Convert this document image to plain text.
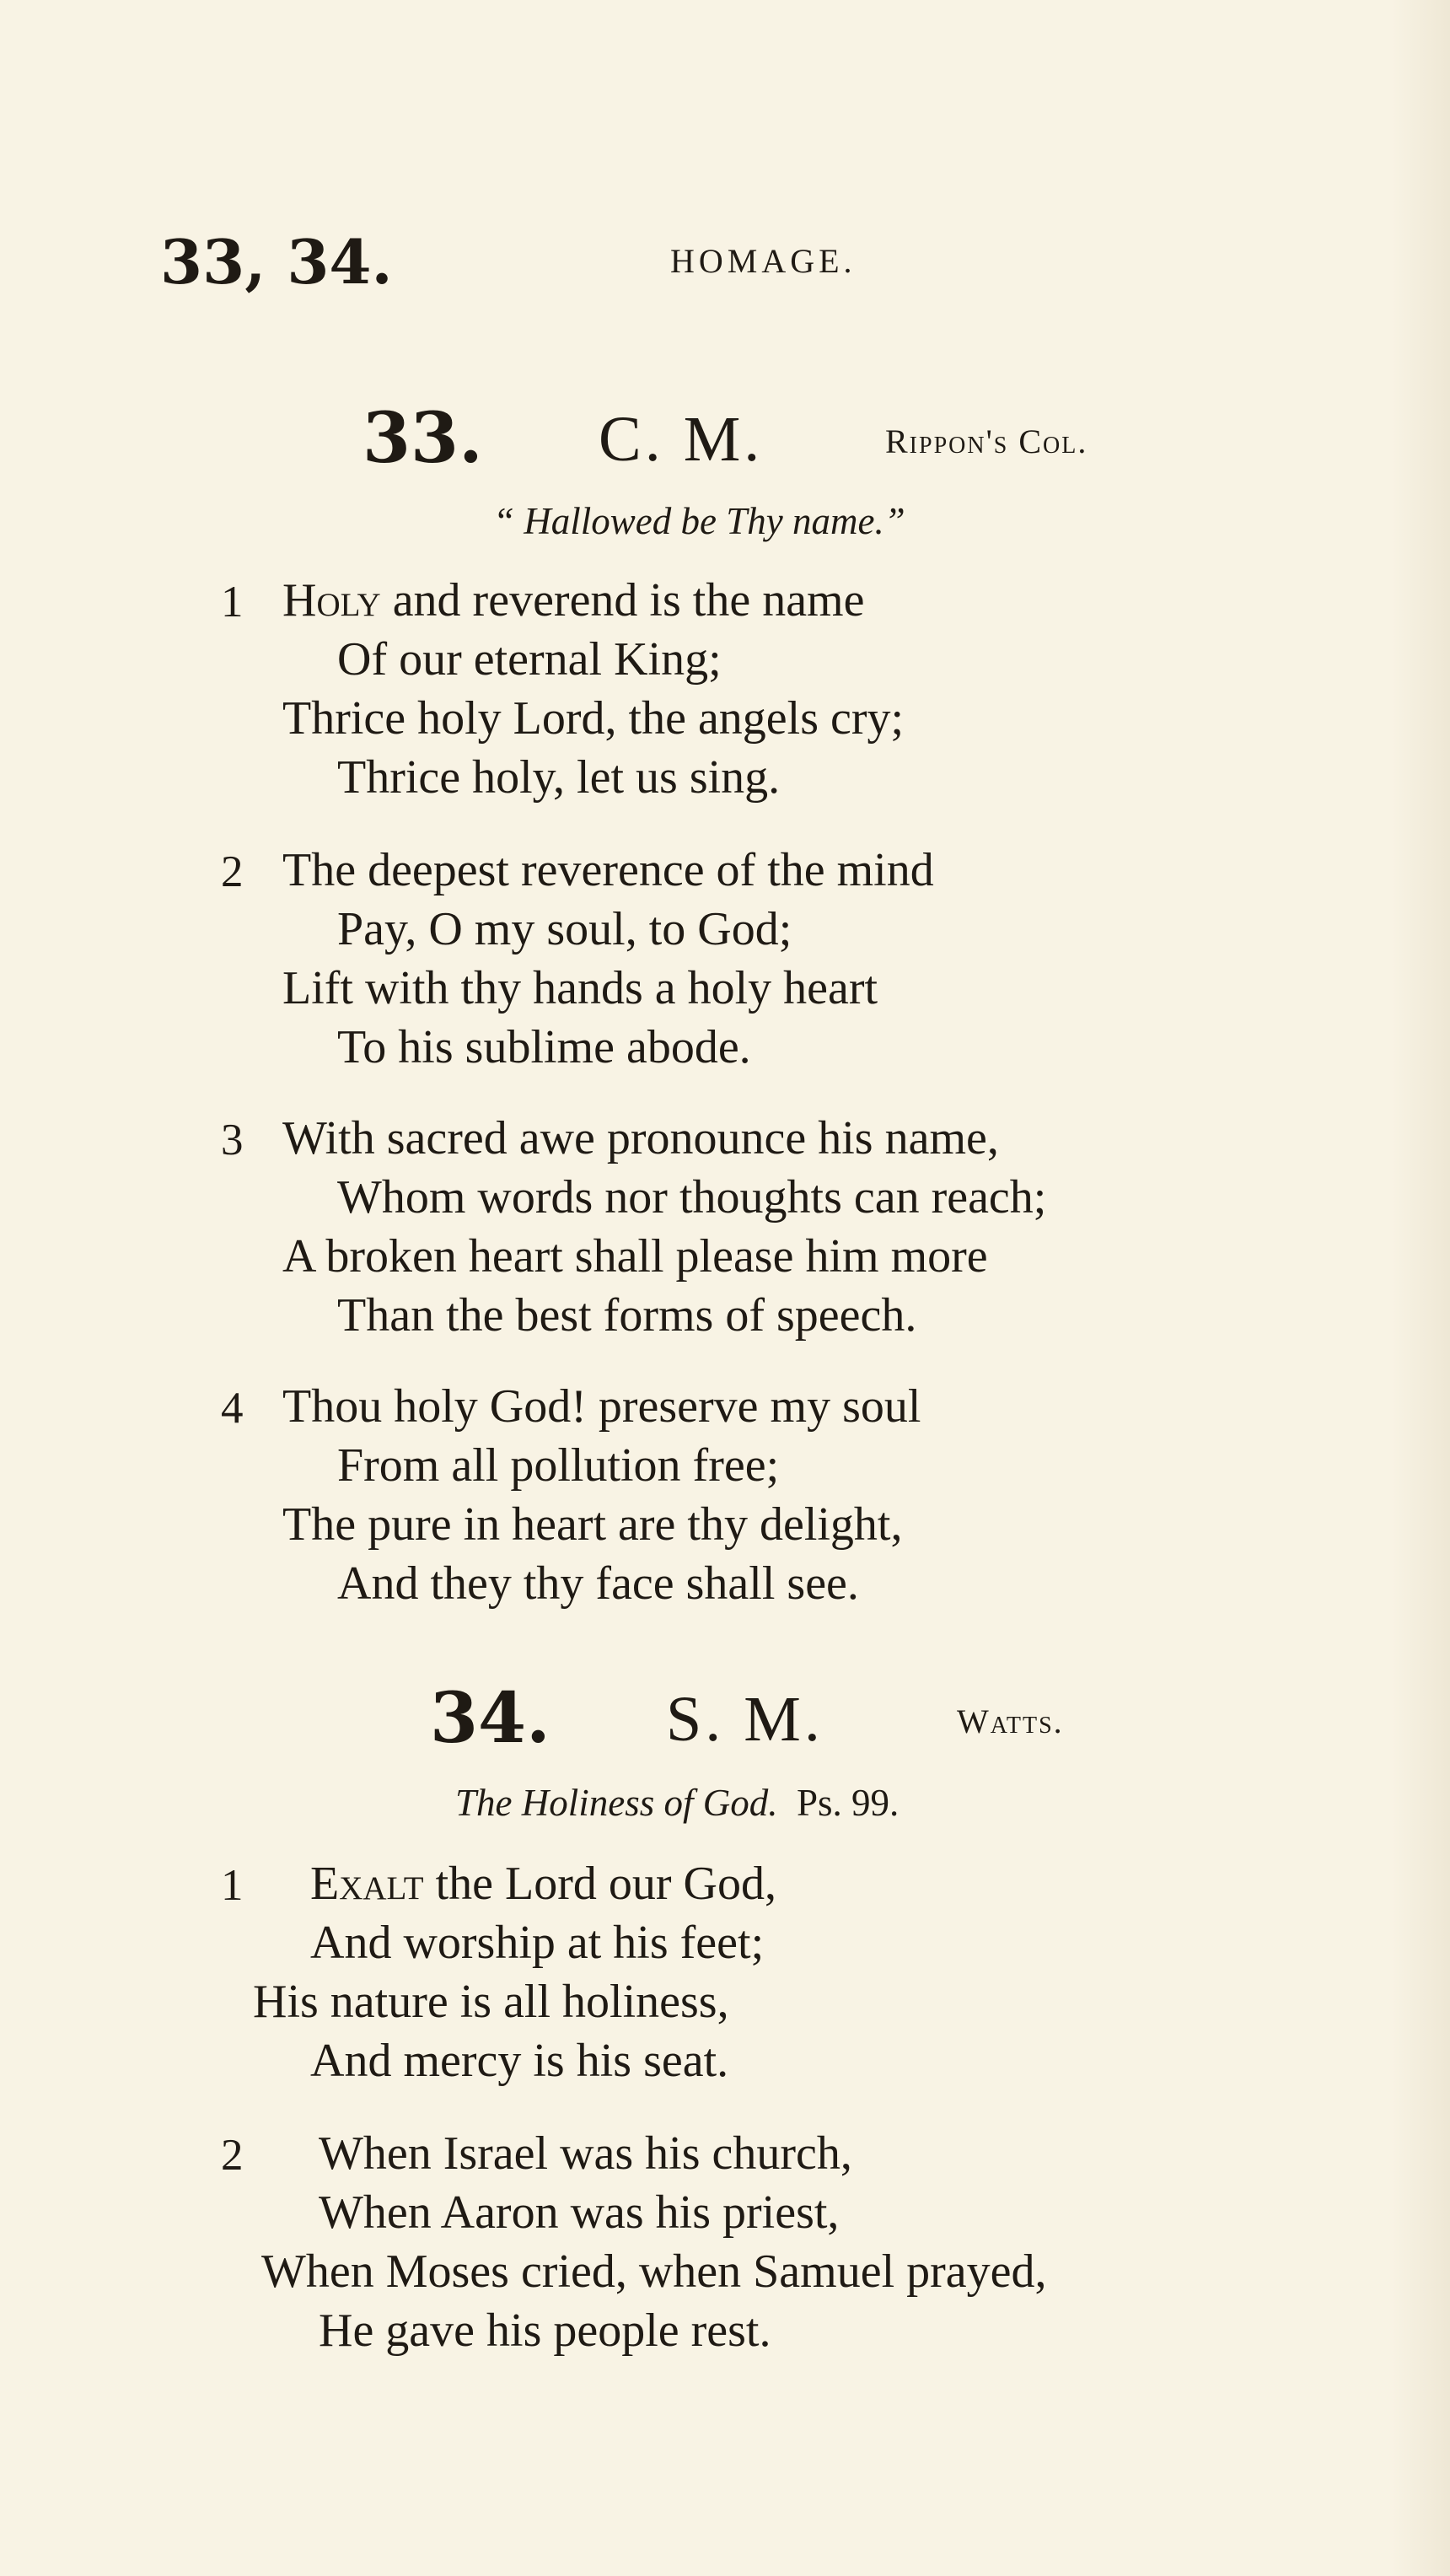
33, 34.	HOMAGE.
33. C. M.	Rippon's Col.
“ Hallowed be Thy name.”
1 Holy and reverend is the name
Of our eternal King;
Thrice holy Lord, the angels cry;
Thrice holy, let us sing.
2 The deepest reverence of the mind
Pay, O my soul, to God;
Lift with thy hands a holy heart
To his sublime abode.
3 With sacred awe pronounce his name,
Whom words nor thoughts can reach;
A broken heart shall please him more
Than the best forms of speech.
4 Thou holy God! preserve my soul
From all pollution free;
The pure in heart are thy delight,
And they thy face shall see.
34. S. M.	Watts.
The Holiness of God. Ps. 99.
1 Exalt the Lord our God,
And worship at his feet;
His nature is all holiness,
And mercy is his seat.
2 When Israel was his church,
When Aaron was his priest,
When Moses cried, when Samuel prayed,
He gave his people rest.
